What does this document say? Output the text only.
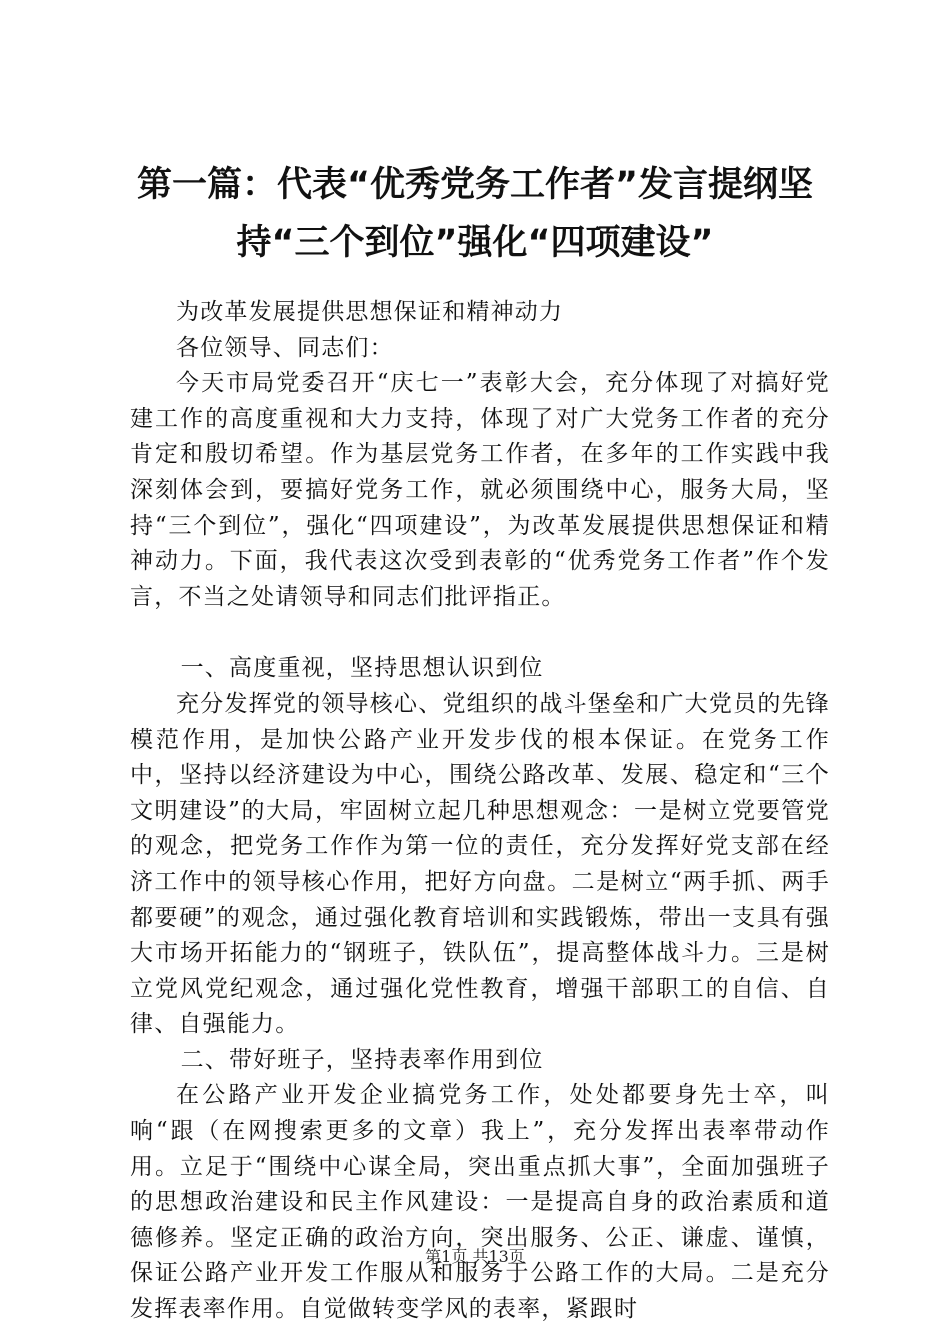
第一篇：代表“优秀党务工作者”发言提纲坚
持“三个到位”强化“四项建设”

为改革发展提供思想保证和精神动力

各位领导、同志们：

今天市局党委召开“庆七一”表彰大会，充分体现了对搞好党建工作的高度重视和大力支持，体现了对广大党务工作者的充分肯定和殷切希望。作为基层党务工作者，在多年的工作实践中我深刻体会到，要搞好党务工作，就必须围绕中心，服务大局，坚持“三个到位”，强化“四项建设”，为改革发展提供思想保证和精神动力。下面，我代表这次受到表彰的“优秀党务工作者”作个发言，不当之处请领导和同志们批评指正。

一、高度重视，坚持思想认识到位

充分发挥党的领导核心、党组织的战斗堡垒和广大党员的先锋模范作用，是加快公路产业开发步伐的根本保证。在党务工作中，坚持以经济建设为中心，围绕公路改革、发展、稳定和“三个文明建设”的大局，牢固树立起几种思想观念：一是树立党要管党的观念，把党务工作作为第一位的责任，充分发挥好党支部在经济工作中的领导核心作用，把好方向盘。二是树立“两手抓、两手都要硬”的观念，通过强化教育培训和实践锻炼，带出一支具有强大市场开拓能力的“钢班子，铁队伍”，提高整体战斗力。三是树立党风党纪观念，通过强化党性教育，增强干部职工的自信、自律、自强能力。

二、带好班子，坚持表率作用到位

在公路产业开发企业搞党务工作，处处都要身先士卒，叫响“跟（在网搜索更多的文章）我上”，充分发挥出表率带动作用。立足于“围绕中心谋全局，突出重点抓大事”，全面加强班子的思想政治建设和民主作风建设：一是提高自身的政治素质和道德修养。坚定正确的政治方向，突出服务、公正、谦虚、谨慎，保证公路产业开发工作服从和服务于公路工作的大局。二是充分发挥表率作用。自觉做转变学风的表率，紧跟时

第1页 共13页
